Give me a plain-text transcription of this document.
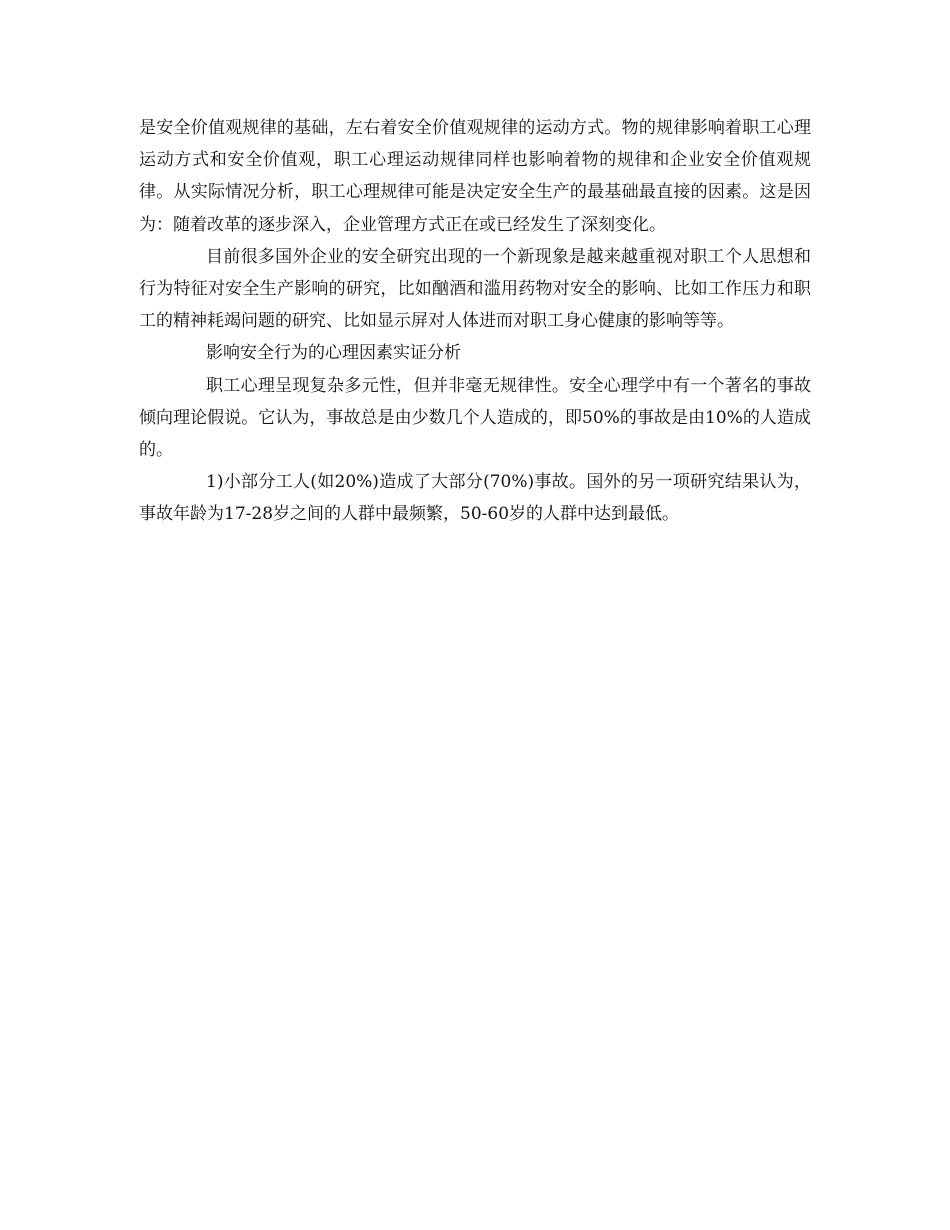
是安全价值观规律的基础，左右着安全价值观规律的运动方式。物的规律影响着职工心理运动方式和安全价值观，职工心理运动规律同样也影响着物的规律和企业安全价值观规律。从实际情况分析，职工心理规律可能是决定安全生产的最基础最直接的因素。这是因为：随着改革的逐步深入，企业管理方式正在或已经发生了深刻变化。

目前很多国外企业的安全研究出现的一个新现象是越来越重视对职工个人思想和行为特征对安全生产影响的研究，比如酗酒和滥用药物对安全的影响、比如工作压力和职工的精神耗竭问题的研究、比如显示屏对人体进而对职工身心健康的影响等等。

影响安全行为的心理因素实证分析

职工心理呈现复杂多元性，但并非毫无规律性。安全心理学中有一个著名的事故倾向理论假说。它认为，事故总是由少数几个人造成的，即50%的事故是由10%的人造成的。

1)小部分工人(如20%)造成了大部分(70%)事故。国外的另一项研究结果认为，事故年龄为17-28岁之间的人群中最频繁，50-60岁的人群中达到最低。
